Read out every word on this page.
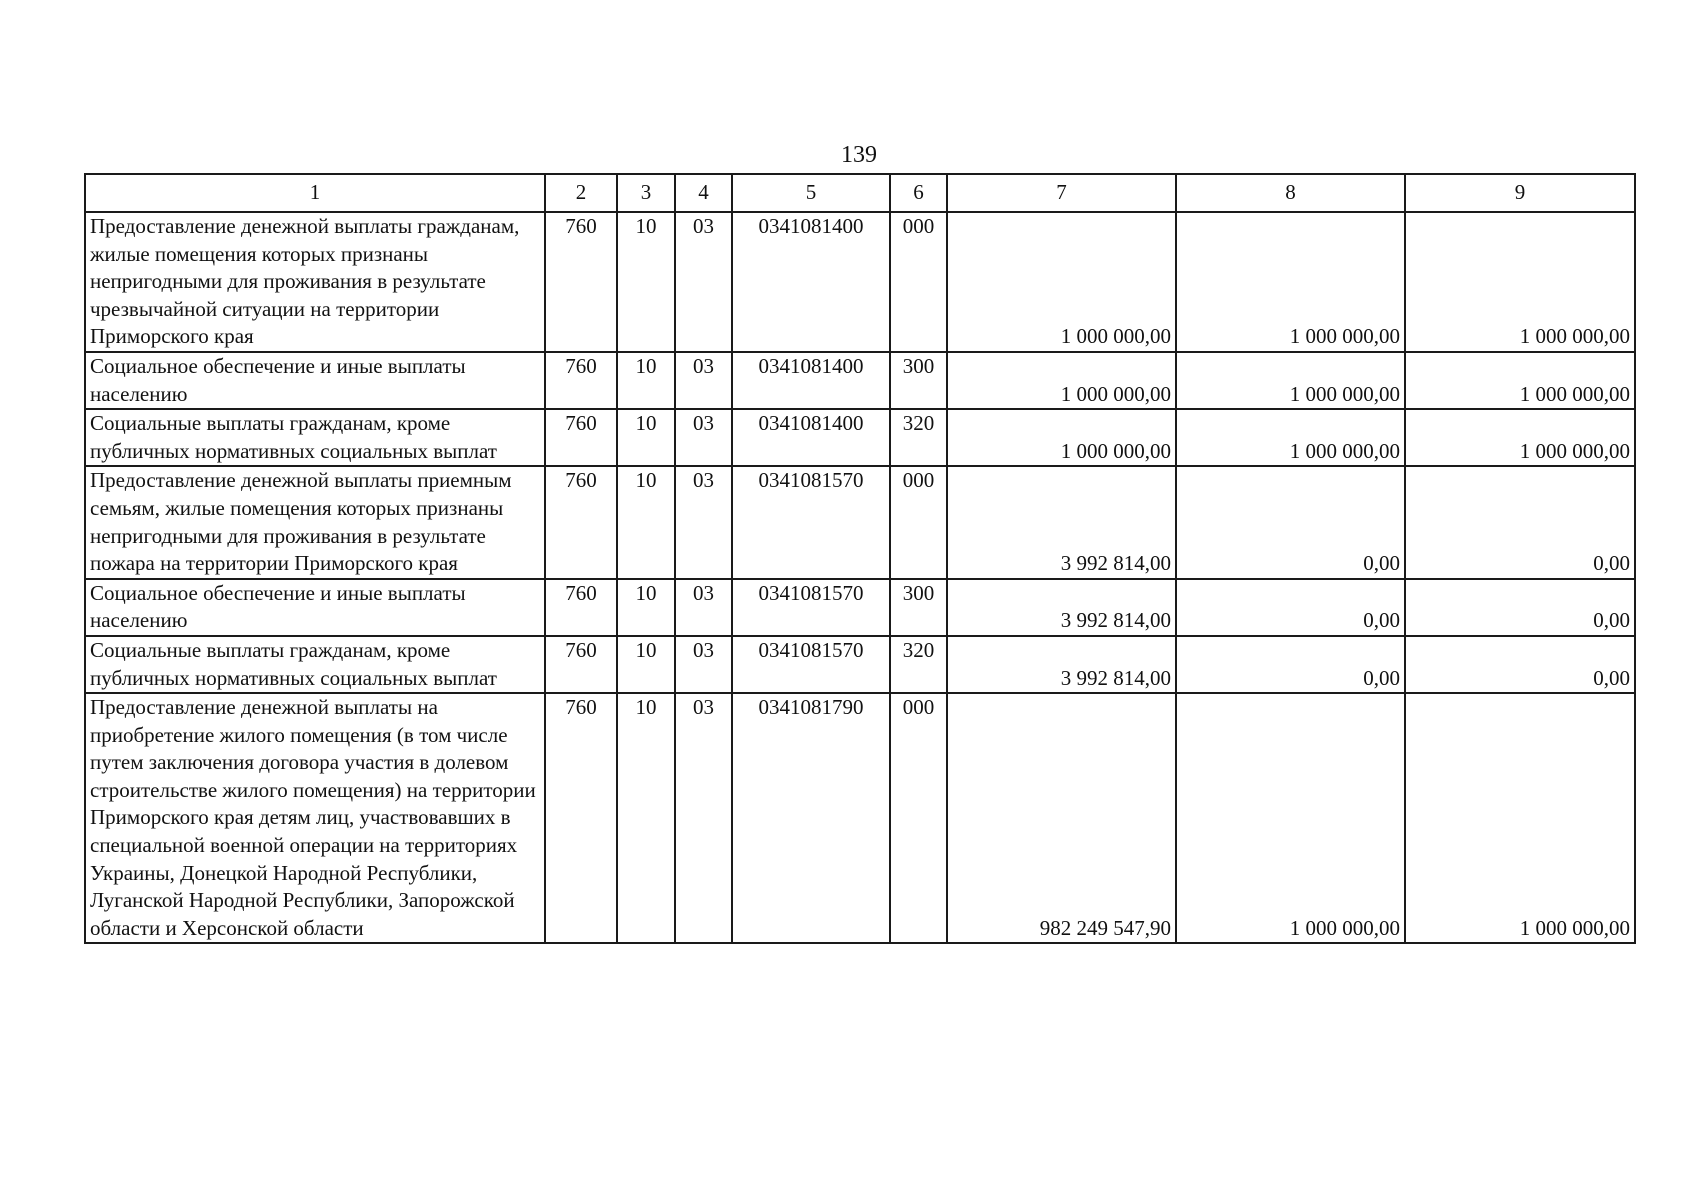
139
1	2	3	4	5	6	7	8	9
Предоставление денежной выплаты гражданам, жилые помещения которых признаны непригодными для проживания в результате чрезвычайной ситуации на территории Приморского края	760	10	03	0341081400	000	1 000 000,00	1 000 000,00	1 000 000,00
Социальное обеспечение и иные выплаты населению	760	10	03	0341081400	300	1 000 000,00	1 000 000,00	1 000 000,00
Социальные выплаты гражданам, кроме публичных нормативных социальных выплат	760	10	03	0341081400	320	1 000 000,00	1 000 000,00	1 000 000,00
Предоставление денежной выплаты приемным семьям, жилые помещения которых признаны непригодными для проживания в результате пожара на территории Приморского края	760	10	03	0341081570	000	3 992 814,00	0,00	0,00
Социальное обеспечение и иные выплаты населению	760	10	03	0341081570	300	3 992 814,00	0,00	0,00
Социальные выплаты гражданам, кроме публичных нормативных социальных выплат	760	10	03	0341081570	320	3 992 814,00	0,00	0,00
Предоставление денежной выплаты на приобретение жилого помещения (в том числе путем заключения договора участия в долевом строительстве жилого помещения) на территории Приморского края детям лиц, участвовавших в специальной военной операции на территориях Украины, Донецкой Народной Республики, Луганской Народной Республики, Запорожской области и Херсонской области	760	10	03	0341081790	000	982 249 547,90	1 000 000,00	1 000 000,00
